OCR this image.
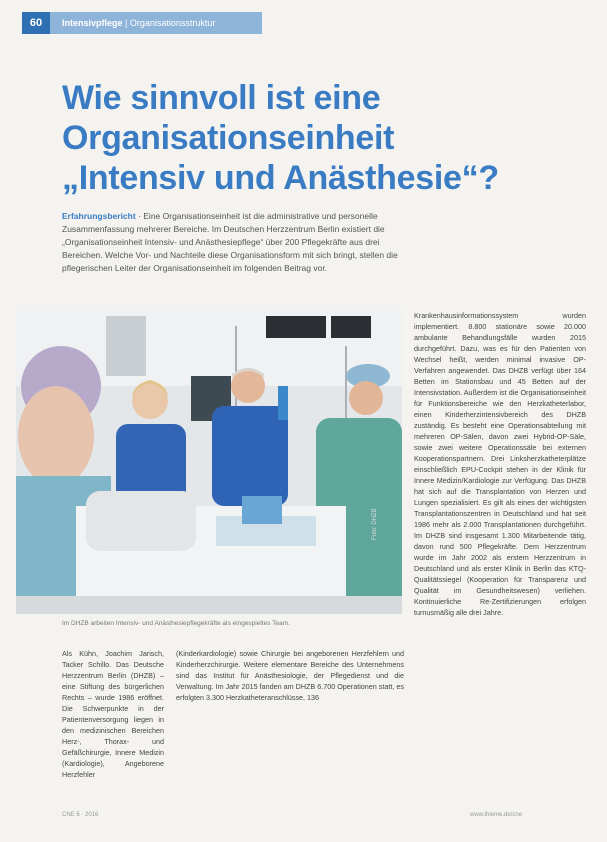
60	Intensivpflege | Organisationsstruktur
Wie sinnvoll ist eine
Organisationseinheit
„Intensiv und Anästhesie“?
Erfahrungsbericht · Eine Organisationseinheit ist die administrative und personelle Zusammenfassung mehrerer Bereiche. Im Deutschen Herzzentrum Berlin existiert die „Organisationseinheit Intensiv- und Anästhesiepflege“ über 200 Pflegekräfte aus drei Bereichen. Welche Vor- und Nachteile diese Organisationsform mit sich bringt, stellen die pflegerischen Leiter der Organisationseinheit im folgenden Beitrag vor.
Foto: DHZB
Im DHZB arbeiten Intensiv- und Anästhesiepflegekräfte als eingespieltes Team.

Krankenhausinformationssystem wurden implementiert. 8.800 stationäre sowie 20.000 ambulante Behandlungsfälle wurden 2015 durchgeführt. Dazu, was es für den Patienten von Wechsel heißt, werden minimal invasive OP-Verfahren angewendet. Das DHZB verfügt über 164 Betten im Stationsbau und 45 Betten auf der Intensivstation. Außerdem ist die Organisationseinheit für Funktionsbereiche wie den Herzkatheterlabor, einen Kinderherzintensivbereich des DHZB zuständig. Es besteht eine Operationsabteilung mit mehreren OP-Sälen, davon zwei Hybrid-OP-Säle, sowie zwei weitere Operationssäle bei externen Kooperationspartnern. Drei Linksherzkatheterplätze einschließlich EPU-Cockpit stehen in der Klinik für Innere Medizin/Kardiologie zur Verfügung. Das DHZB hat sich auf die Transplantation von Herzen und Lungen spezialisiert. Es gilt als eines der wichtigsten Transplantationszentren in Deutschland und hat seit 1986 mehr als 2.000 Transplantationen durchgeführt. Im DHZB sind insgesamt 1.300 Mitarbeitende tätig, davon rund 500 Pflegekräfte. Dem Herzzentrum wurde im Jahr 2002 als erstem Herzzentrum in Deutschland und als erster Klinik in Berlin das KTQ-Qualitätssiegel (Kooperation für Transparenz und Qualität im Gesundheitswesen) verliehen. Kontinuierliche Re-Zertifizierungen erfolgen turnusmäßig alle drei Jahre.

Als Kühn, Joachim Jarisch, Tacker Schillo. Das Deutsche Herzzentrum Berlin (DHZB) – eine Stiftung des bürgerlichen Rechts – wurde 1986 eröffnet. Die Schwerpunkte in der Patientenversorgung liegen in den medizinischen Bereichen Herz-, Thorax- und Gefäßchirurgie, Innere Medizin (Kardiologie), Angeborene Herzfehler

(Kinderkardiologie) sowie Chirurgie bei angeborenen Herzfehlern und Kinderherzchirurgie. Weitere elementare Bereiche des Unternehmens sind das Institut für Anästhesiologie, der Pflegedienst und die Verwaltung. Im Jahr 2015 fanden am DHZB 6.700 Operationen statt, es erfolgten 3.300 Herzkatheteranschlüsse, 136

CNE 6 · 2016	www.thieme.de/cne
